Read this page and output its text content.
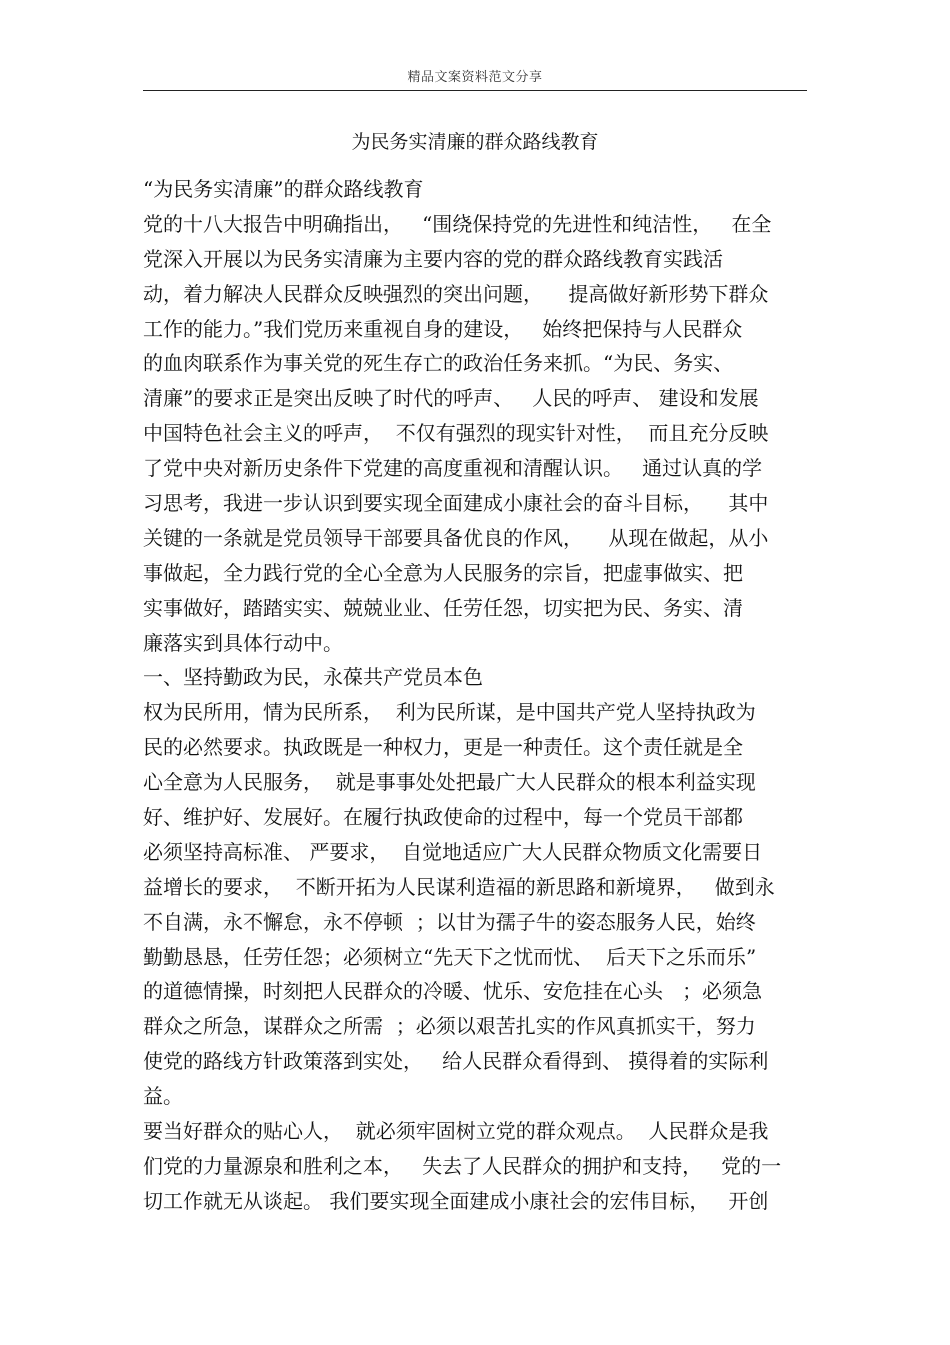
精品文案资料范文分享
为民务实清廉的群众路线教育
“为民务实清廉”的群众路线教育
党的十八大报告中明确指出，   “围绕保持党的先进性和纯洁性，   在全
党深入开展以为民务实清廉为主要内容的党的群众路线教育实践活
动，着力解决人民群众反映强烈的突出问题，    提高做好新形势下群众
工作的能力。”我们党历来重视自身的建设，   始终把保持与人民群众
的血肉联系作为事关党的死生存亡的政治任务来抓。“为民、务实、
清廉”的要求正是突出反映了时代的呼声、   人民的呼声、 建设和发展
中国特色社会主义的呼声，  不仅有强烈的现实针对性，  而且充分反映
了党中央对新历史条件下党建的高度重视和清醒认识。   通过认真的学
习思考，我进一步认识到要实现全面建成小康社会的奋斗目标，    其中
关键的一条就是党员领导干部要具备优良的作风，    从现在做起，从小
事做起，全力践行党的全心全意为人民服务的宗旨，把虚事做实、把
实事做好，踏踏实实、兢兢业业、任劳任怨，切实把为民、务实、清
廉落实到具体行动中。
一、坚持勤政为民，永葆共产党员本色
权为民所用，情为民所系，  利为民所谋，是中国共产党人坚持执政为
民的必然要求。执政既是一种权力，更是一种责任。这个责任就是全
心全意为人民服务，  就是事事处处把最广大人民群众的根本利益实现
好、维护好、发展好。在履行执政使命的过程中，每一个党员干部都
必须坚持高标准、 严要求，  自觉地适应广大人民群众物质文化需要日
益增长的要求，  不断开拓为人民谋利造福的新思路和新境界，   做到永
不自满，永不懈怠，永不停顿  ；以甘为孺子牛的姿态服务人民，始终
勤勤恳恳，任劳任怨；必须树立“先天下之忧而忧、  后天下之乐而乐”
的道德情操，时刻把人民群众的冷暖、忧乐、安危挂在心头   ；必须急
群众之所急，谋群众之所需  ；必须以艰苦扎实的作风真抓实干，努力
使党的路线方针政策落到实处，   给人民群众看得到、 摸得着的实际利
益。
要当好群众的贴心人，  就必须牢固树立党的群众观点。  人民群众是我
们党的力量源泉和胜利之本，   失去了人民群众的拥护和支持，   党的一
切工作就无从谈起。 我们要实现全面建成小康社会的宏伟目标，   开创
